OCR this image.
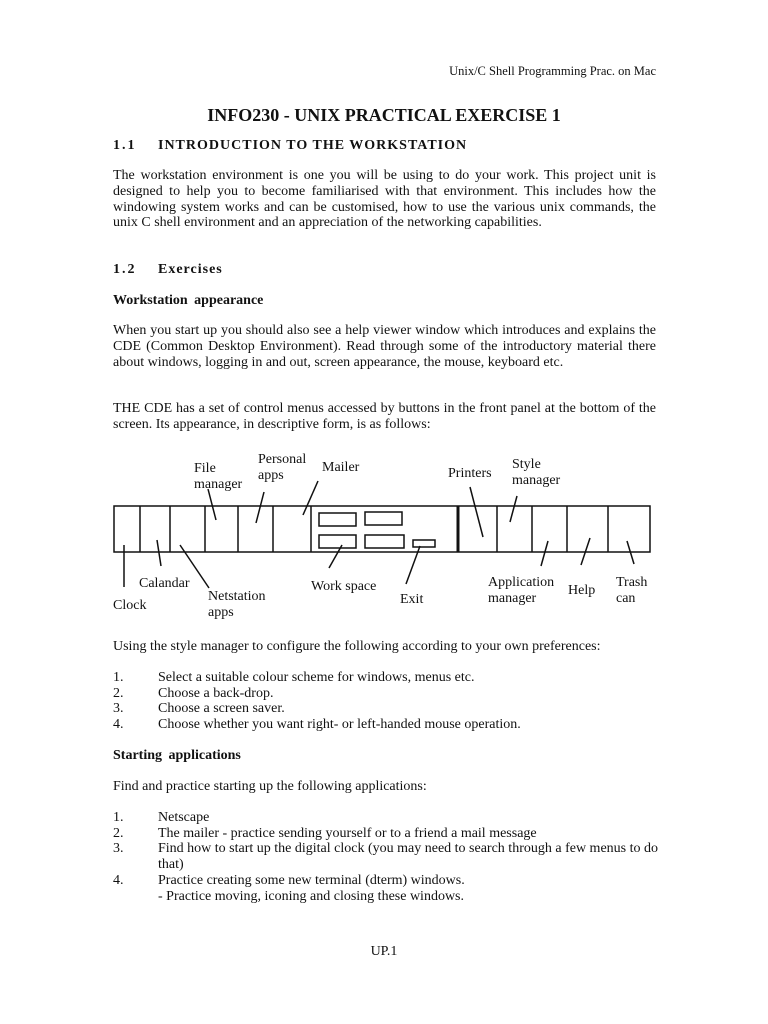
Unix/C Shell Programming Prac. on Mac
INFO230 - UNIX PRACTICAL EXERCISE 1
1.1 INTRODUCTION TO THE WORKSTATION

The workstation environment is one you will be using to do your work. This project unit is designed to help you to become familiarised with that environment. This includes how the windowing system works and can be customised, how to use the various unix commands, the unix C shell environment and an appreciation of the networking capabilities.

1.2 Exercises
Workstation appearance

When you start up you should also see a help viewer window which introduces and explains the CDE (Common Desktop Environment). Read through some of the introductory material there about windows, logging in and out, screen appearance, the mouse, keyboard etc.

THE CDE has a set of control menus accessed by buttons in the front panel at the bottom of the screen. Its appearance, in descriptive form, is as follows:

File
manager
Personal
apps
Mailer	Printers
Style
manager
Calandar
Clock
Netstation
apps
Work space
Exit
Application
manager
Help
Trash
can

Using the style manager to configure the following according to your own preferences:

1. Select a suitable colour scheme for windows, menus etc.
2. Choose a back-drop.
3. Choose a screen saver.
4. Choose whether you want right- or left-handed mouse operation.
Starting applications

Find and practice starting up the following applications:

1. Netscape
2. The mailer - practice sending yourself or to a friend a mail message
3. Find how to start up the digital clock (you may need to search through a few menus to do that)
4. Practice creating some new terminal (dterm) windows.
- Practice moving, iconing and closing these windows.
UP.1
